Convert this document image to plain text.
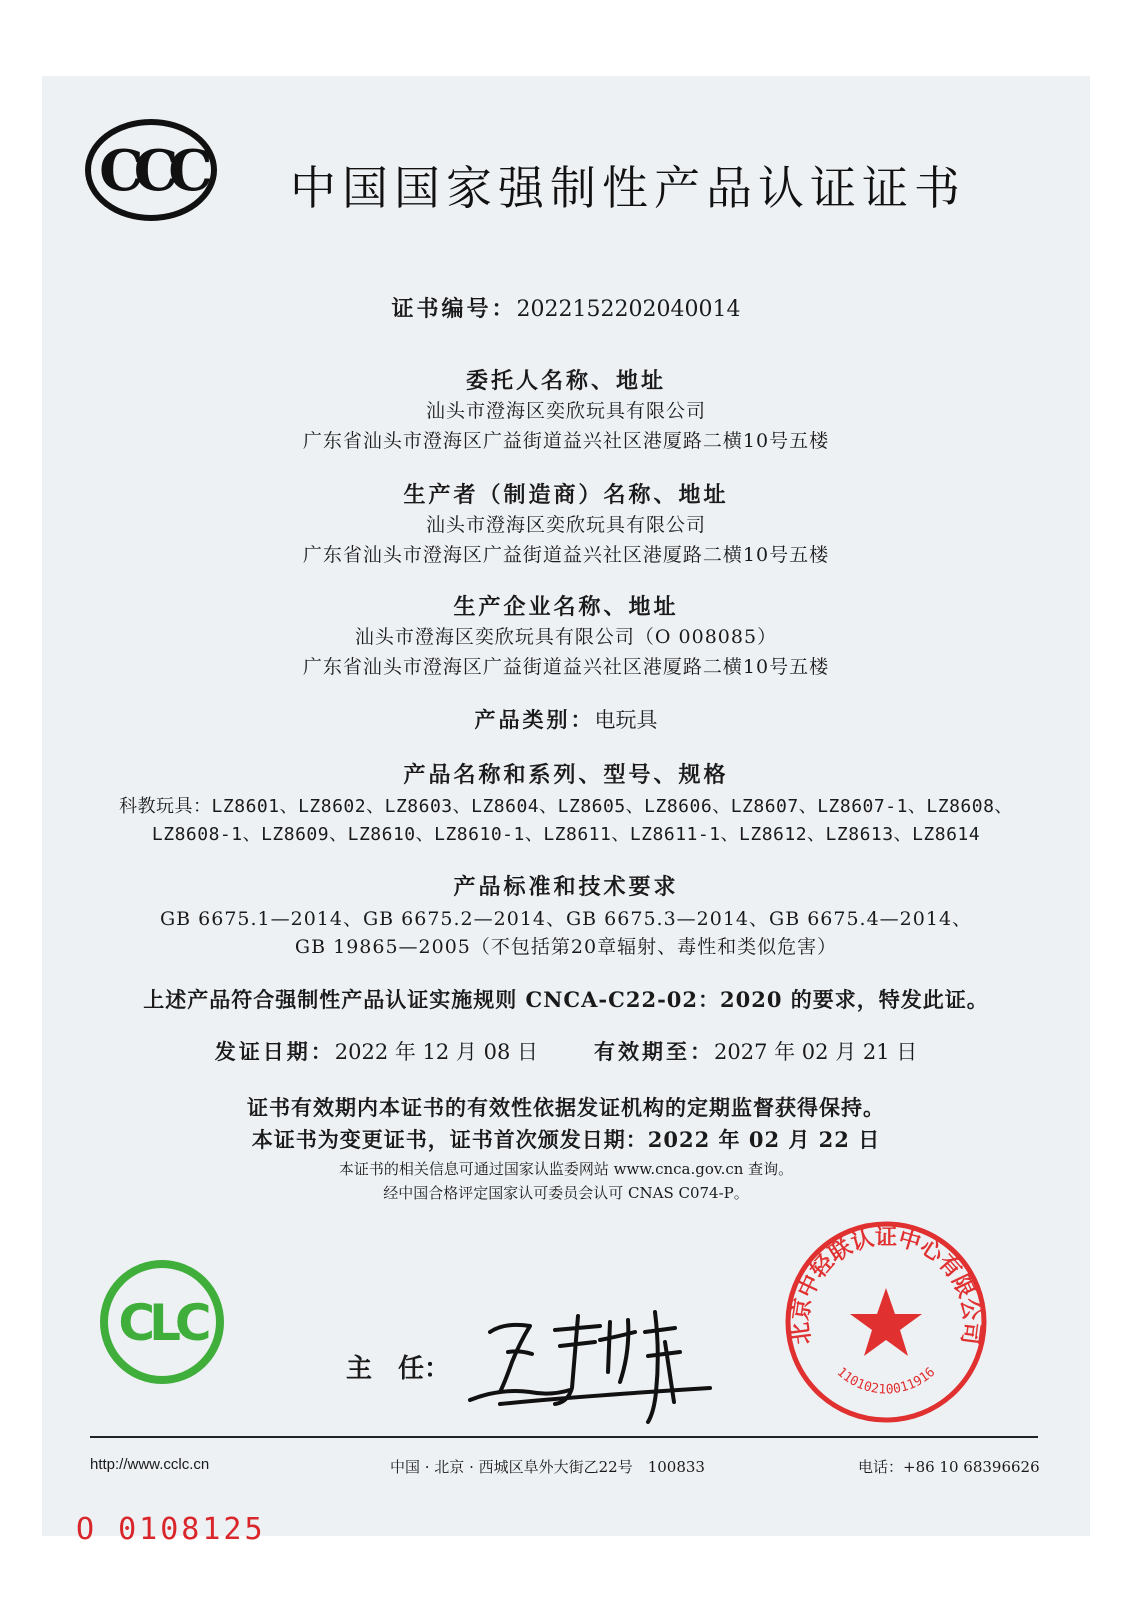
CCC 中国国家强制性产品认证证书
证书编号：2022152202040014
委托人名称、地址
汕头市澄海区奕欣玩具有限公司
广东省汕头市澄海区广益街道益兴社区港厦路二横10号五楼
生产者（制造商）名称、地址
汕头市澄海区奕欣玩具有限公司
广东省汕头市澄海区广益街道益兴社区港厦路二横10号五楼
生产企业名称、地址
汕头市澄海区奕欣玩具有限公司（O 008085）
广东省汕头市澄海区广益街道益兴社区港厦路二横10号五楼
产品类别：电玩具
产品名称和系列、型号、规格
科教玩具：LZ8601、LZ8602、LZ8603、LZ8604、LZ8605、LZ8606、LZ8607、LZ8607-1、LZ8608、
LZ8608-1、LZ8609、LZ8610、LZ8610-1、LZ8611、LZ8611-1、LZ8612、LZ8613、LZ8614
产品标准和技术要求
GB 6675.1—2014、GB 6675.2—2014、GB 6675.3—2014、GB 6675.4—2014、
GB 19865—2005（不包括第20章辐射、毒性和类似危害）
上述产品符合强制性产品认证实施规则 CNCA-C22-02：2020 的要求，特发此证。
发证日期：2022 年 12 月 08 日	有效期至：2027 年 02 月 21 日
证书有效期内本证书的有效性依据发证机构的定期监督获得保持。
本证书为变更证书，证书首次颁发日期：2022 年 02 月 22 日
本证书的相关信息可通过国家认监委网站 www.cnca.gov.cn 查询。
经中国合格评定国家认可委员会认可 CNAS C074-P。
CLC
主　任：
北京中轻联认证中心有限公司
11010210011916
http://www.cclc.cn	中国 · 北京 · 西城区阜外大街乙22号　100833	电话：+86 10 68396626
O 0108125
